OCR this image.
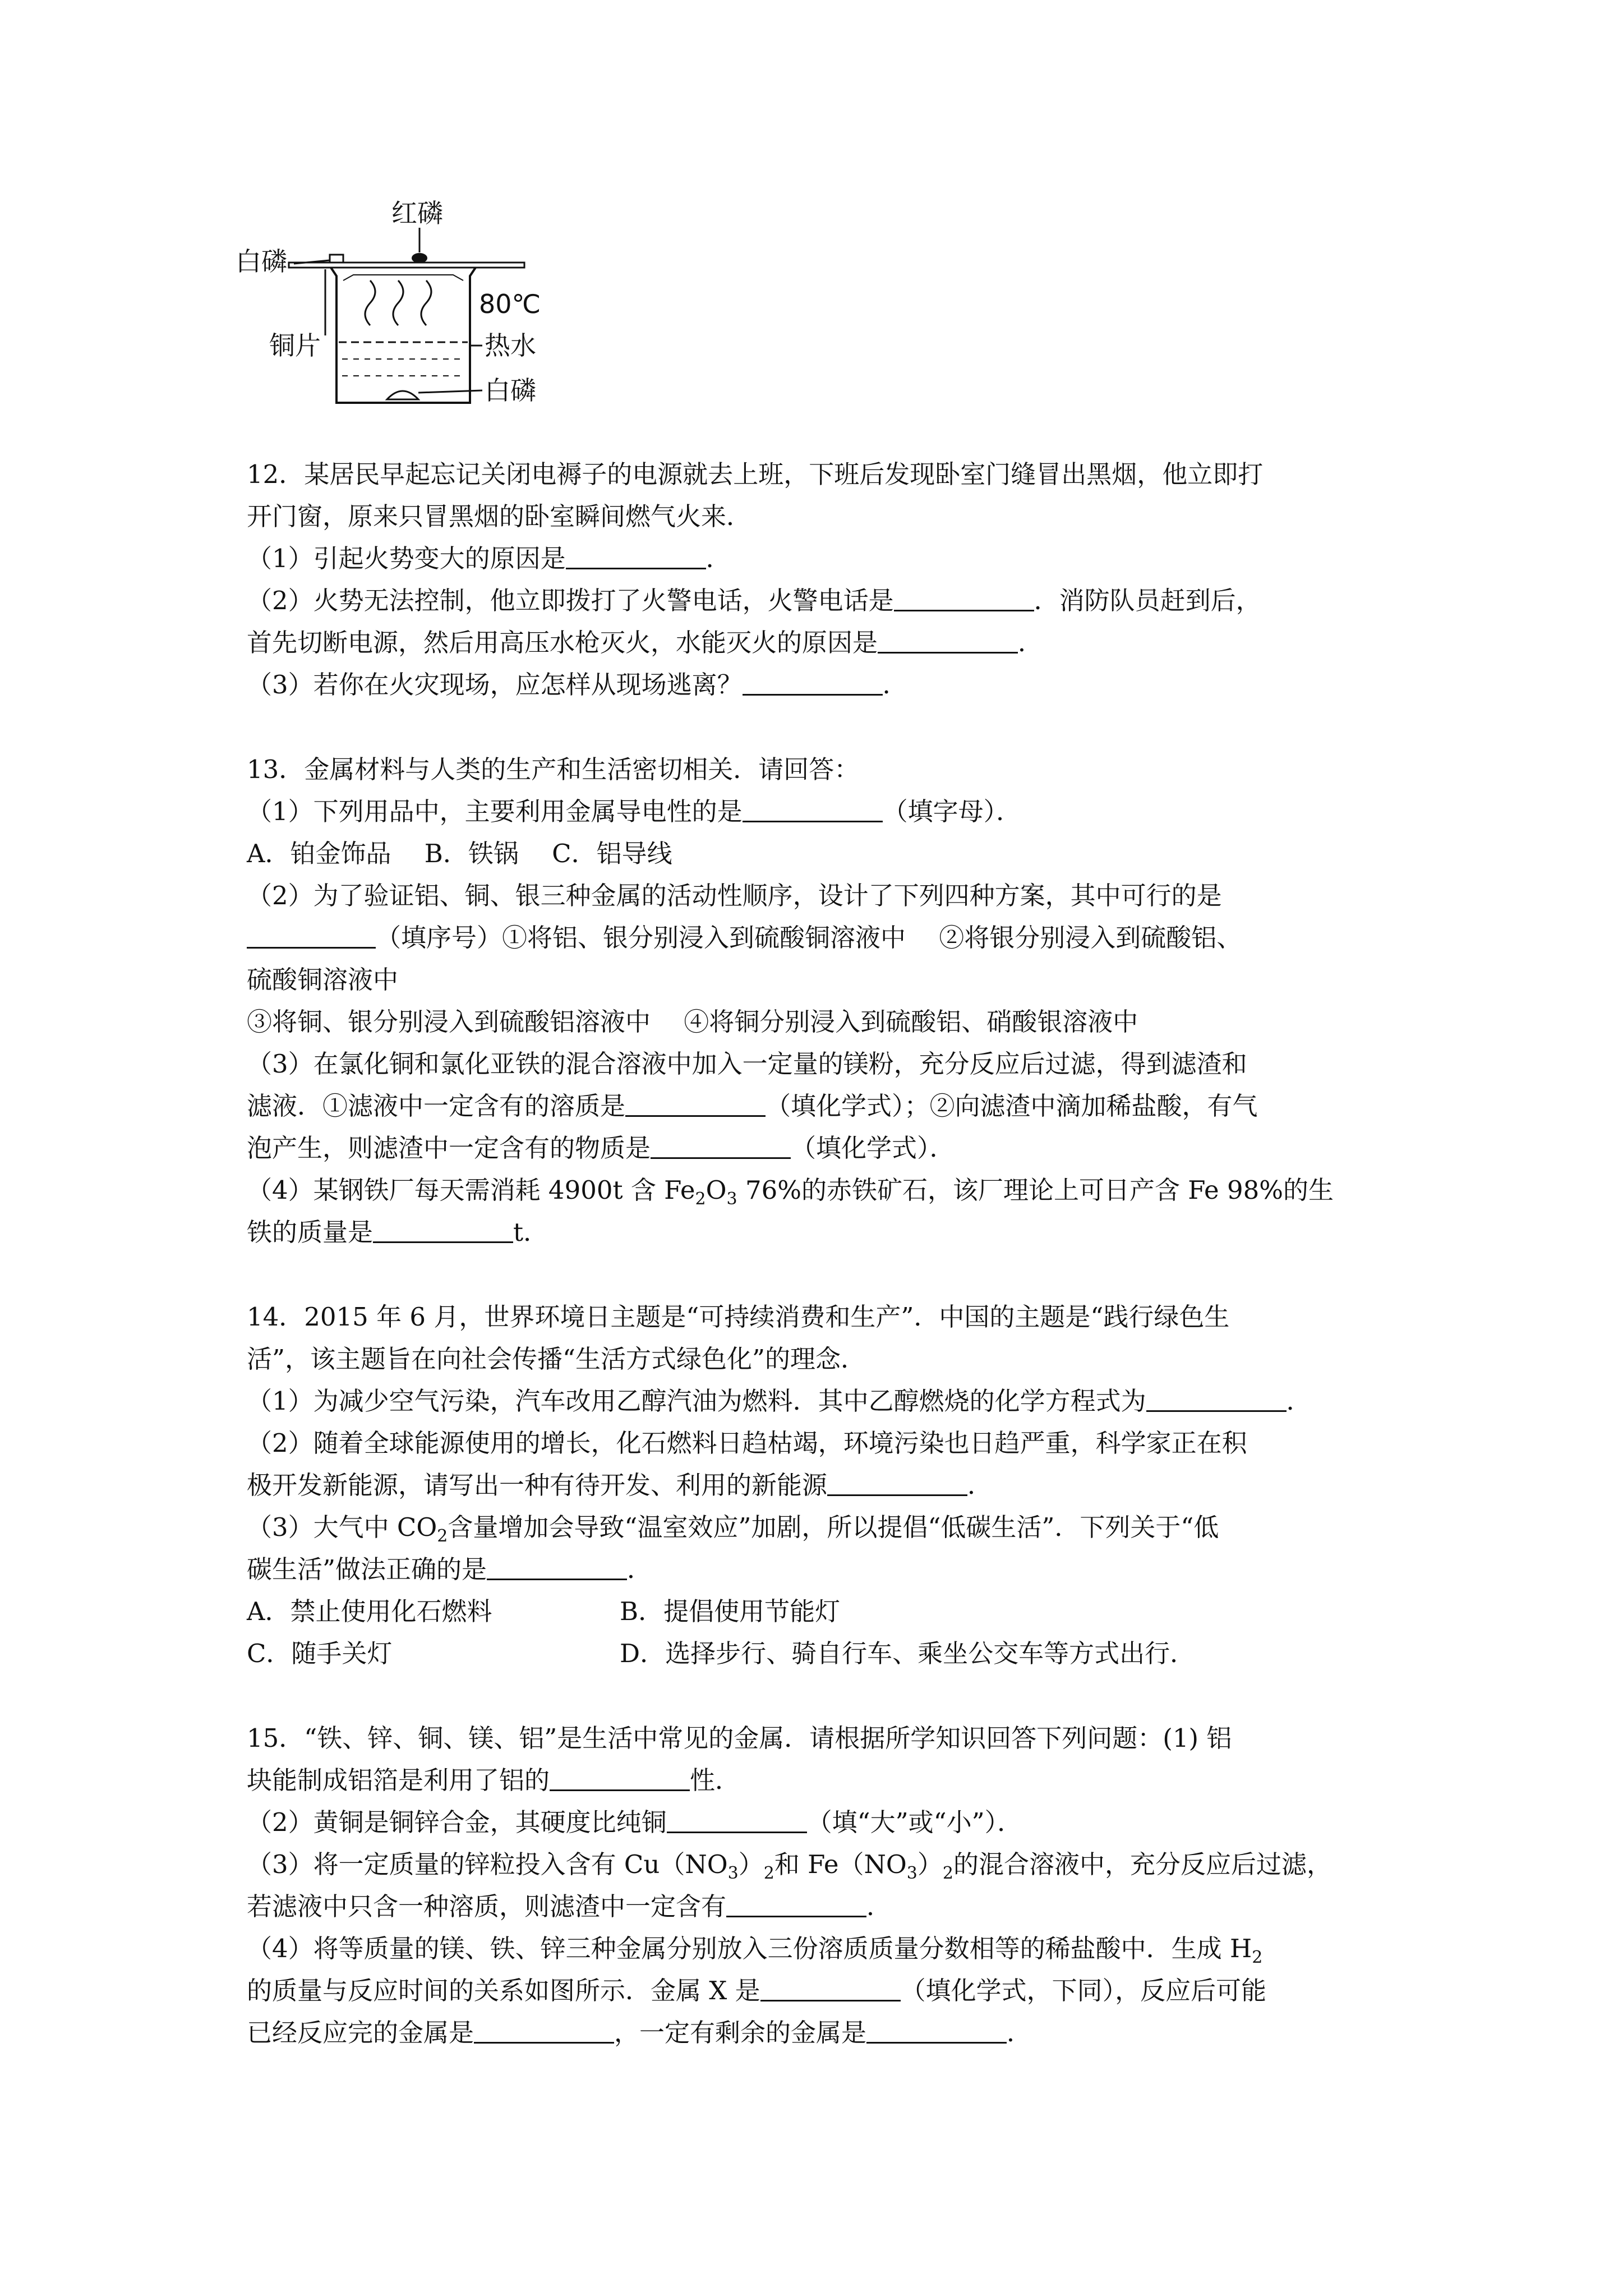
红磷
白磷
铜片
80℃
热水
白磷
12．某居民早起忘记关闭电褥子的电源就去上班，下班后发现卧室门缝冒出黑烟，他立即打
开门窗，原来只冒黑烟的卧室瞬间燃气火来．
（1）引起火势变大的原因是	．
（2）火势无法控制，他立即拨打了火警电话，火警电话是	．消防队员赶到后，
首先切断电源，然后用高压水枪灭火，水能灭火的原因是	．
（3）若你在火灾现场，应怎样从现场逃离？	．
13．金属材料与人类的生产和生活密切相关．请回答：
（1）下列用品中，主要利用金属导电性的是	（填字母）．
A．铂金饰品　 B．铁锅　 C．铝导线
（2）为了验证铝、铜、银三种金属的活动性顺序，设计了下列四种方案，其中可行的是
（填序号）①将铝、银分别浸入到硫酸铜溶液中　 ②将银分别浸入到硫酸铝、
硫酸铜溶液中
③将铜、银分别浸入到硫酸铝溶液中　 ④将铜分别浸入到硫酸铝、硝酸银溶液中
（3）在氯化铜和氯化亚铁的混合溶液中加入一定量的镁粉，充分反应后过滤，得到滤渣和
滤液．①滤液中一定含有的溶质是	（填化学式）；②向滤渣中滴加稀盐酸，有气
泡产生，则滤渣中一定含有的物质是	（填化学式）．
（4）某钢铁厂每天需消耗 4900t 含 $Fe_2O_3$ 76%的赤铁矿石，该厂理论上可日产含 Fe 98%的生
铁的质量是	t．
14．2015 年 6 月，世界环境日主题是“可持续消费和生产”．中国的主题是“践行绿色生
活”，该主题旨在向社会传播“生活方式绿色化”的理念．
（1）为减少空气污染，汽车改用乙醇汽油为燃料．其中乙醇燃烧的化学方程式为	．
（2）随着全球能源使用的增长，化石燃料日趋枯竭，环境污染也日趋严重，科学家正在积
极开发新能源，请写出一种有待开发、利用的新能源	．
（3）大气中 $CO_2$含量增加会导致“温室效应”加剧，所以提倡“低碳生活”．下列关于“低
碳生活”做法正确的是	．
A．禁止使用化石燃料	B．提倡使用节能灯
C．随手关灯	D．选择步行、骑自行车、乘坐公交车等方式出行．
15．“铁、锌、铜、镁、铝”是生活中常见的金属．请根据所学知识回答下列问题：(1) 铝
块能制成铝箔是利用了铝的	性．
（2）黄铜是铜锌合金，其硬度比纯铜	（填“大”或“小”）．
（3）将一定质量的锌粒投入含有 $Cu(NO_3)_2$和 $Fe(NO_3)_2$的混合溶液中，充分反应后过滤，
若滤液中只含一种溶质，则滤渣中一定含有	．
（4）将等质量的镁、铁、锌三种金属分别放入三份溶质质量分数相等的稀盐酸中．生成 $H_2$
的质量与反应时间的关系如图所示．金属 X 是	（填化学式，下同），反应后可能
已经反应完的金属是	，一定有剩余的金属是	．
